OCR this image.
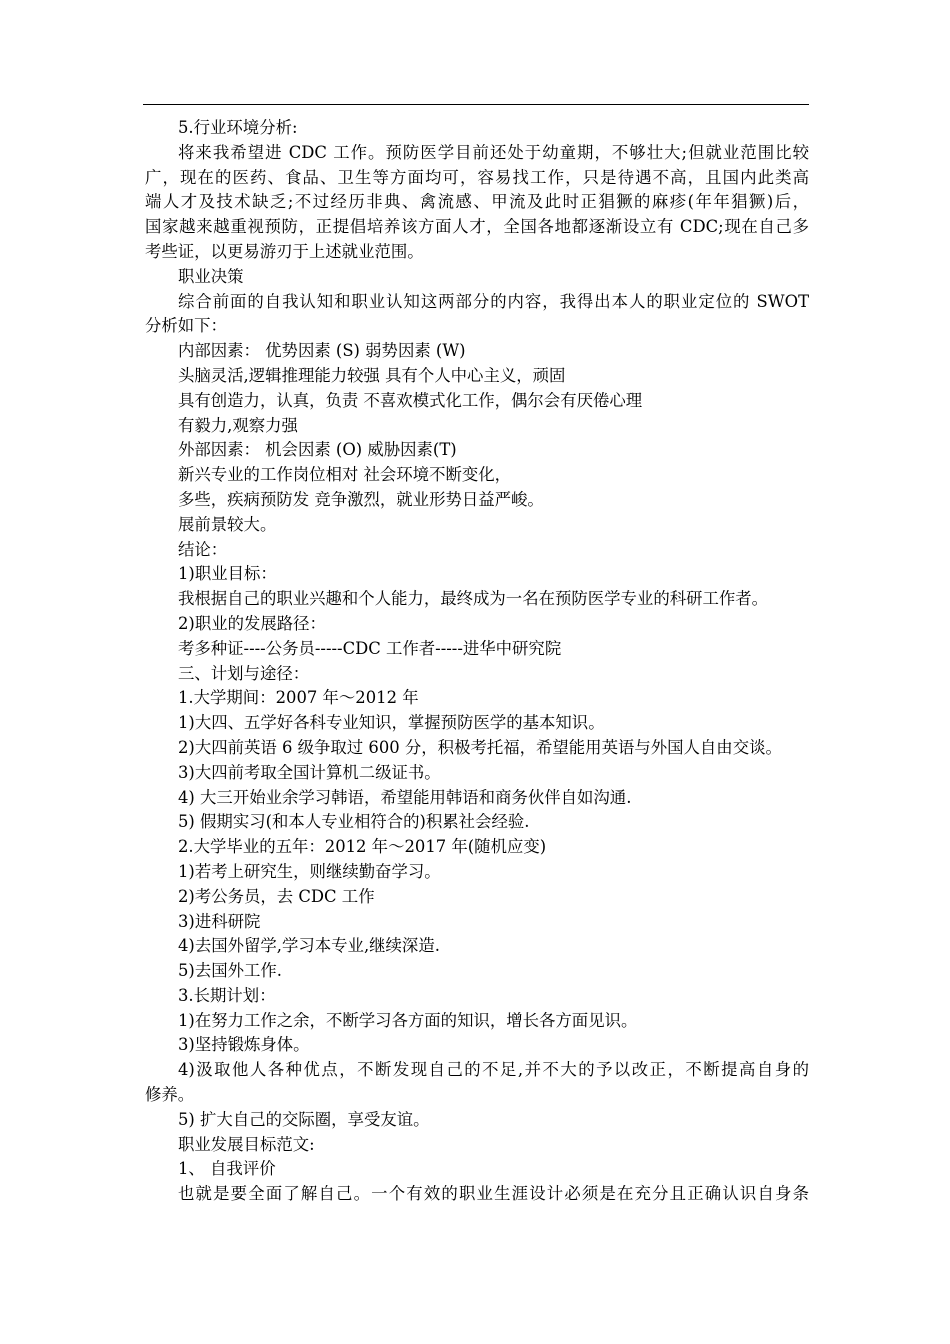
5.行业环境分析:
将来我希望进 CDC 工作。预防医学目前还处于幼童期，不够壮大;但就业范围比较
广，现在的医药、食品、卫生等方面均可，容易找工作，只是待遇不高，且国内此类高
端人才及技术缺乏;不过经历非典、禽流感、甲流及此时正猖獗的麻疹(年年猖獗)后，
国家越来越重视预防，正提倡培养该方面人才，全国各地都逐渐设立有 CDC;现在自己多
考些证，以更易游刃于上述就业范围。
职业决策
综合前面的自我认知和职业认知这两部分的内容，我得出本人的职业定位的 SWOT
分析如下：
内部因素： 优势因素 (S) 弱势因素 (W)
头脑灵活,逻辑推理能力较强 具有个人中心主义，顽固
具有创造力，认真，负责 不喜欢模式化工作，偶尔会有厌倦心理
有毅力,观察力强
外部因素： 机会因素 (O) 威胁因素(T)
新兴专业的工作岗位相对 社会环境不断变化，
多些，疾病预防发 竞争激烈，就业形势日益严峻。
展前景较大。
结论：
1)职业目标：
我根据自己的职业兴趣和个人能力，最终成为一名在预防医学专业的科研工作者。
2)职业的发展路径：
考多种证----公务员-----CDC 工作者-----进华中研究院
三、计划与途径：
1.大学期间：2007 年～2012 年
1)大四、五学好各科专业知识，掌握预防医学的基本知识。
2)大四前英语 6 级争取过 600 分，积极考托福，希望能用英语与外国人自由交谈。
3)大四前考取全国计算机二级证书。
4) 大三开始业余学习韩语，希望能用韩语和商务伙伴自如沟通.
5) 假期实习(和本人专业相符合的)积累社会经验.
2.大学毕业的五年：2012 年～2017 年(随机应变)
1)若考上研究生，则继续勤奋学习。
2)考公务员，去 CDC 工作
3)进科研院
4)去国外留学,学习本专业,继续深造.
5)去国外工作.
3.长期计划：
1)在努力工作之余，不断学习各方面的知识，增长各方面见识。
3)坚持锻炼身体。
4)汲取他人各种优点，不断发现自己的不足,并不大的予以改正，不断提高自身的
修养。
5) 扩大自己的交际圈，享受友谊。
职业发展目标范文:
1、 自我评价
也就是要全面了解自己。一个有效的职业生涯设计必须是在充分且正确认识自身条
